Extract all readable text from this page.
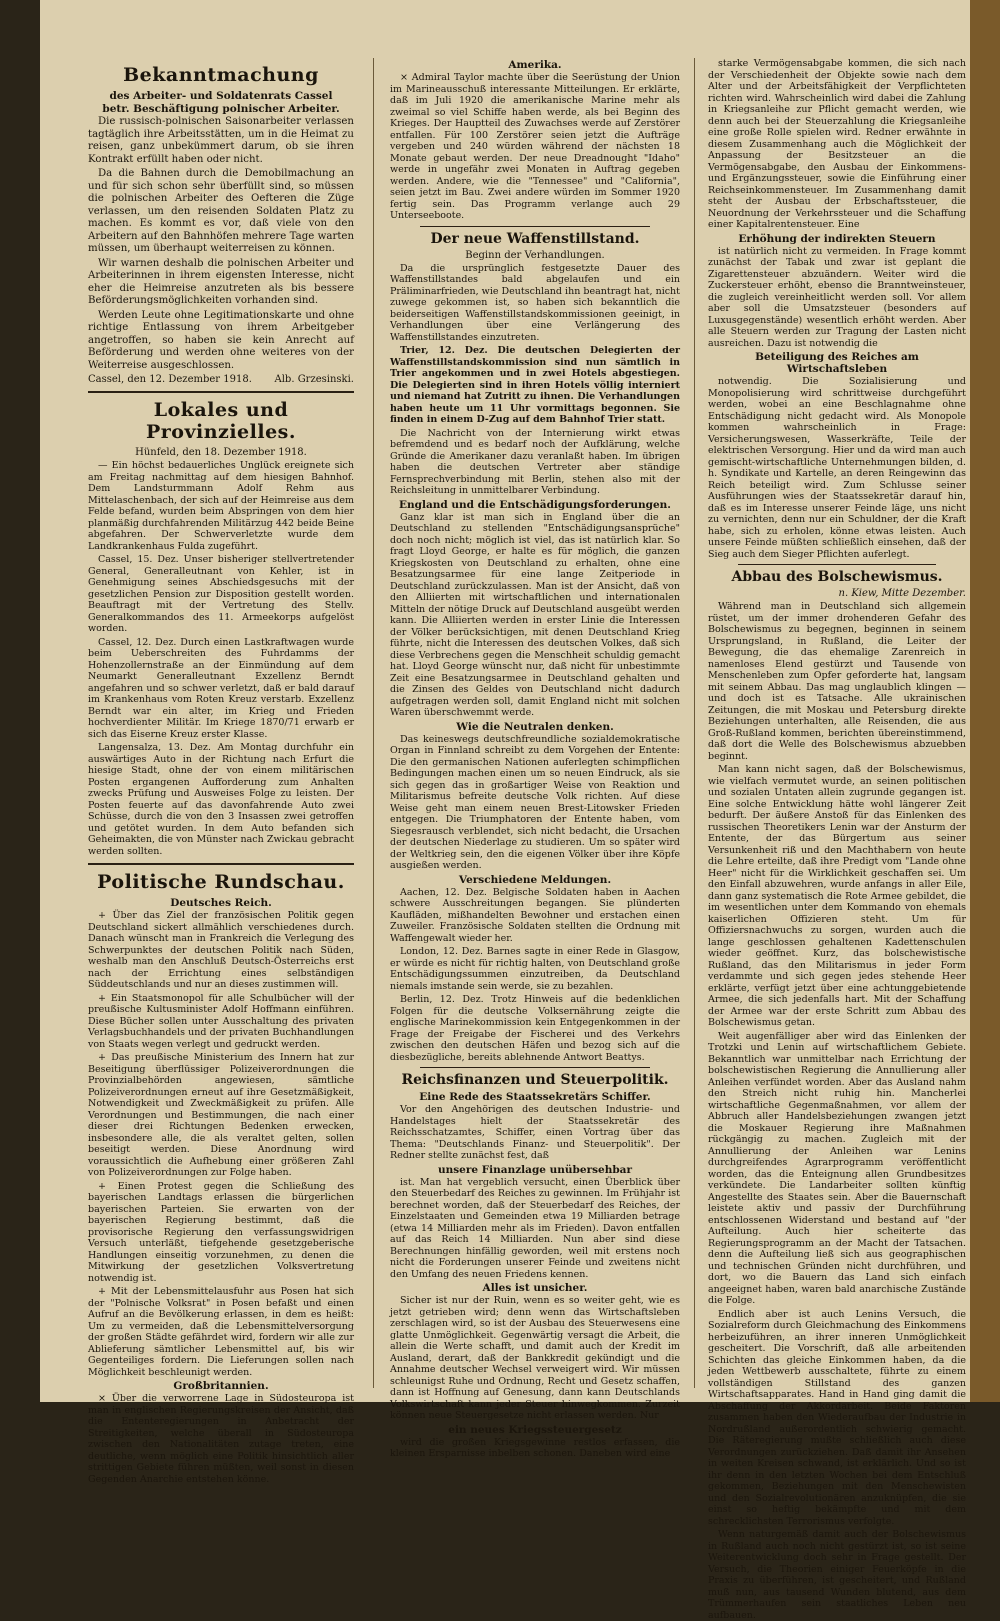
Bekanntmachung
des Arbeiter- und Soldatenrats Cassel
betr. Beschäftigung polnischer Arbeiter.

Die russisch-polnischen Saisonarbeiter verlassen tagtäglich ihre Arbeitsstätten, um in die Heimat zu reisen, ganz unbekümmert darum, ob sie ihren Kontrakt erfüllt haben oder nicht.

Da die Bahnen durch die Demobilmachung an und für sich schon sehr überfüllt sind, so müssen die polnischen Arbeiter des Oefteren die Züge verlassen, um den reisenden Soldaten Platz zu machen. Es kommt es vor, daß viele von den Arbeitern auf den Bahnhöfen mehrere Tage warten müssen, um überhaupt weiterreisen zu können.

Wir warnen deshalb die polnischen Arbeiter und Arbeiterinnen in ihrem eigensten Interesse, nicht eher die Heimreise anzutreten als bis bessere Beförderungsmöglichkeiten vorhanden sind.

Werden Leute ohne Legitimationskarte und ohne richtige Entlassung von ihrem Arbeitgeber angetroffen, so haben sie kein Anrecht auf Beförderung und werden ohne weiteres von der Weiterreise ausgeschlossen.

Cassel, den 12. Dezember 1918. Alb. Grzesinski.
Lokales und Provinzielles.
Hünfeld, den 18. Dezember 1918.

— Ein höchst bedauerliches Unglück ereignete sich am Freitag nachmittag auf dem hiesigen Bahnhof. Dem Landsturmmann Adolf Rehm aus Mittelaschenbach, der sich auf der Heimreise aus dem Felde befand, wurden beim Abspringen von dem hier planmäßig durchfahrenden Militärzug 442 beide Beine abgefahren. Der Schwerverletzte wurde dem Landkrankenhaus Fulda zugeführt.

Cassel, 15. Dez. Unser bisheriger stellvertretender General, Generalleutnant von Kehler, ist in Genehmigung seines Abschiedsgesuchs mit der gesetzlichen Pension zur Disposition gestellt worden. Beauftragt mit der Vertretung des Stellv. Generalkommandos des 11. Armeekorps aufgelöst worden.

Cassel, 12. Dez. Durch einen Lastkraftwagen wurde beim Ueberschreiten des Fuhrdamms der Hohenzollernstraße an der Einmündung auf dem Neumarkt Generalleutnant Exzellenz Berndt angefahren und so schwer verletzt, daß er bald darauf im Krankenhaus vom Roten Kreuz verstarb. Exzellenz Berndt war ein alter, im Krieg und Frieden hochverdienter Militär. Im Kriege 1870/71 erwarb er sich das Eiserne Kreuz erster Klasse.

Langensalza, 13. Dez. Am Montag durchfuhr ein auswärtiges Auto in der Richtung nach Erfurt die hiesige Stadt, ohne der von einem militärischen Posten ergangenen Aufforderung zum Anhalten zwecks Prüfung und Ausweises Folge zu leisten. Der Posten feuerte auf das davonfahrende Auto zwei Schüsse, durch die von den 3 Insassen zwei getroffen und getötet wurden. In dem Auto befanden sich Geheimakten, die von Münster nach Zwickau gebracht werden sollten.

Politische Rundschau.
Deutsches Reich.

+ Über das Ziel der französischen Politik gegen Deutschland sickert allmählich verschiedenes durch. Danach wünscht man in Frankreich die Verlegung des Schwerpunktes der deutschen Politik nach Süden, weshalb man den Anschluß Deutsch-Österreichs erst nach der Errichtung eines selbständigen Süddeutschlands und nur an dieses zustimmen will.

+ Ein Staatsmonopol für alle Schulbücher will der preußische Kultusminister Adolf Hoffmann einführen. Diese Bücher sollen unter Ausschaltung des privaten Verlagsbuchhandels und der privaten Buchhandlungen von Staats wegen verlegt und gedruckt werden.

+ Das preußische Ministerium des Innern hat zur Beseitigung überflüssiger Polizeiverordnungen die Provinzialbehörden angewiesen, sämtliche Polizeiverordnungen erneut auf ihre Gesetzmäßigkeit, Notwendigkeit und Zweckmäßigkeit zu prüfen. Alle Verordnungen und Bestimmungen, die nach einer dieser drei Richtungen Bedenken erwecken, insbesondere alle, die als veraltet gelten, sollen beseitigt werden. Diese Anordnung wird voraussichtlich die Aufhebung einer größeren Zahl von Polizeiverordnungen zur Folge haben.

+ Einen Protest gegen die Schließung des bayerischen Landtags erlassen die bürgerlichen bayerischen Parteien. Sie erwarten von der bayerischen Regierung bestimmt, daß die provisorische Regierung den verfassungswidrigen Versuch unterläßt, tiefgehende gesetzgeberische Handlungen einseitig vorzunehmen, zu denen die Mitwirkung der gesetzlichen Volksvertretung notwendig ist.

+ Mit der Lebensmittelausfuhr aus Posen hat sich der "Polnische Volksrat" in Posen befaßt und einen Aufruf an die Bevölkerung erlassen, in dem es heißt: Um zu vermeiden, daß die Lebensmittelversorgung der großen Städte gefährdet wird, fordern wir alle zur Ablieferung sämtlicher Lebensmittel auf, bis wir Gegenteiliges fordern. Die Lieferungen sollen nach Möglichkeit beschleunigt werden.

Großbritannien.

× Über die verworrene Lage in Südosteuropa ist man in englischen Regierungskreisen der Ansicht, daß die Ententeregierungen in Anbetracht der Streitigkeiten, welche überall in Südosteuropa zwischen den Nationalitäten zutage treten, eine deutliche, wenn möglich eine Politik hinsichtlich aller strittigen Gebiete führen müßten, weil sonst in diesen Gegenden Anarchie entstehen könne.

Amerika.

× Admiral Taylor machte über die Seerüstung der Union im Marineausschuß interessante Mitteilungen. Er erklärte, daß im Juli 1920 die amerikanische Marine mehr als zweimal so viel Schiffe haben werde, als bei Beginn des Krieges. Der Hauptteil des Zuwachses werde auf Zerstörer entfallen. Für 100 Zerstörer seien jetzt die Aufträge vergeben und 240 würden während der nächsten 18 Monate gebaut werden. Der neue Dreadnought "Idaho" werde in ungefähr zwei Monaten in Auftrag gegeben werden. Andere, wie die "Tennessee" und "California", seien jetzt im Bau. Zwei andere würden im Sommer 1920 fertig sein. Das Programm verlange auch 29 Unterseeboote.

Der neue Waffenstillstand.
Beginn der Verhandlungen.

Da die ursprünglich festgesetzte Dauer des Waffenstillstandes bald abgelaufen und ein Präliminarfrieden, wie Deutschland ihn beantragt hat, nicht zuwege gekommen ist, so haben sich bekanntlich die beiderseitigen Waffenstillstandskommissionen geeinigt, in Verhandlungen über eine Verlängerung des Waffenstillstandes einzutreten.

Trier, 12. Dez. Die deutschen Delegierten der Waffenstillstandskommission sind nun sämtlich in Trier angekommen und in zwei Hotels abgestiegen. Die Delegierten sind in ihren Hotels völlig interniert und niemand hat Zutritt zu ihnen. Die Verhandlungen haben heute um 11 Uhr vormittags begonnen. Sie finden in einem D-Zug auf dem Bahnhof Trier statt.

Die Nachricht von der Internierung wirkt etwas befremdend und es bedarf noch der Aufklärung, welche Gründe die Amerikaner dazu veranlaßt haben. Im übrigen haben die deutschen Vertreter aber ständige Fernsprechverbindung mit Berlin, stehen also mit der Reichsleitung in unmittelbarer Verbindung.

England und die Entschädigungsforderungen.

Ganz klar ist man sich in England über die an Deutschland zu stellenden "Entschädigungsansprüche" doch noch nicht; möglich ist viel, das ist natürlich klar. So fragt Lloyd George, er halte es für möglich, die ganzen Kriegskosten von Deutschland zu erhalten, ohne eine Besatzungsarmee für eine lange Zeitperiode in Deutschland zurückzulassen. Man ist der Ansicht, daß von den Alliierten mit wirtschaftlichen und internationalen Mitteln der nötige Druck auf Deutschland ausgeübt werden kann. Die Alliierten werden in erster Linie die Interessen der Völker berücksichtigen, mit denen Deutschland Krieg führte, nicht die Interessen des deutschen Volkes, daß sich diese Verbrechens gegen die Menschheit schuldig gemacht hat. Lloyd George wünscht nur, daß nicht für unbestimmte Zeit eine Besatzungsarmee in Deutschland gehalten und die Zinsen des Geldes von Deutschland nicht dadurch aufgetragen werden soll, damit England nicht mit solchen Waren überschwemmt werde.

Wie die Neutralen denken.

Das keineswegs deutschfreundliche sozialdemokratische Organ in Finnland schreibt zu dem Vorgehen der Entente: Die den germanischen Nationen auferlegten schimpflichen Bedingungen machen einen um so neuen Eindruck, als sie sich gegen das in großartiger Weise von Reaktion und Militarismus befreite deutsche Volk richten. Auf diese Weise geht man einem neuen Brest-Litowsker Frieden entgegen. Die Triumphatoren der Entente haben, vom Siegesrausch verblendet, sich nicht bedacht, die Ursachen der deutschen Niederlage zu studieren. Um so später wird der Weltkrieg sein, den die eigenen Völker über ihre Köpfe ausgießen werden.

Verschiedene Meldungen.

Aachen, 12. Dez. Belgische Soldaten haben in Aachen schwere Ausschreitungen begangen. Sie plünderten Kaufläden, mißhandelten Bewohner und erstachen einen Zuweiler. Französische Soldaten stellten die Ordnung mit Waffengewalt wieder her.

London, 12. Dez. Barnes sagte in einer Rede in Glasgow, er würde es nicht für richtig halten, von Deutschland große Entschädigungssummen einzutreiben, da Deutschland niemals imstande sein werde, sie zu bezahlen.

Berlin, 12. Dez. Trotz Hinweis auf die bedenklichen Folgen für die deutsche Volksernährung zeigte die englische Marinekommission kein Entgegenkommen in der Frage der Freigabe der Fischerei und des Verkehrs zwischen den deutschen Häfen und bezog sich auf die diesbezügliche, bereits ablehnende Antwort Beattys.

Reichsfinanzen und Steuerpolitik.
Eine Rede des Staatssekretärs Schiffer.

Vor den Angehörigen des deutschen Industrie- und Handelstages hielt der Staatssekretär des Reichsschatzamtes, Schiffer, einen Vortrag über das Thema: "Deutschlands Finanz- und Steuerpolitik". Der Redner stellte zunächst fest, daß

unsere Finanzlage unübersehbar

ist. Man hat vergeblich versucht, einen Überblick über den Steuerbedarf des Reiches zu gewinnen. Im Frühjahr ist berechnet worden, daß der Steuerbedarf des Reiches, der Einzelstaaten und Gemeinden etwa 19 Milliarden betrage (etwa 14 Milliarden mehr als im Frieden). Davon entfallen auf das Reich 14 Milliarden. Nun aber sind diese Berechnungen hinfällig geworden, weil mit erstens noch nicht die Forderungen unserer Feinde und zweitens nicht den Umfang des neuen Friedens kennen.

Alles ist unsicher.

Sicher ist nur der Ruin, wenn es so weiter geht, wie es jetzt getrieben wird; denn wenn das Wirtschaftsleben zerschlagen wird, so ist der Ausbau des Steuerwesens eine glatte Unmöglichkeit. Gegenwärtig versagt die Arbeit, die allein die Werte schafft, und damit auch der Kredit im Ausland, derart, daß der Bankkredit gekündigt und die Annahme deutscher Wechsel verweigert wird. Wir müssen schleunigst Ruhe und Ordnung, Recht und Gesetz schaffen, dann ist Hoffnung auf Genesung, dann kann Deutschlands Volkswirtschaft kann jeder Steuer hinwegkommen. Zurzeit können neue Steuergesetze nicht erlassen werden. Nur

ein neues Kriegssteuergesetz

wird die großen Kriegsgewinne restlos erfassen, die kleinen Ersparnisse inbelben schonen. Daneben wird eine

starke Vermögensabgabe kommen, die sich nach der Verschiedenheit der Objekte sowie nach dem Alter und der Arbeitsfähigkeit der Verpflichteten richten wird. Wahrscheinlich wird dabei die Zahlung in Kriegsanleihe zur Pflicht gemacht werden, wie denn auch bei der Steuerzahlung die Kriegsanleihe eine große Rolle spielen wird. Redner erwähnte in diesem Zusammenhang auch die Möglichkeit der Anpassung der Besitzsteuer an die Vermögensabgabe, den Ausbau der Einkommens- und Ergänzungssteuer, sowie die Einführung einer Reichseinkommensteuer. Im Zusammenhang damit steht der Ausbau der Erbschaftssteuer, die Neuordnung der Verkehrssteuer und die Schaffung einer Kapitalrentensteuer. Eine

Erhöhung der indirekten Steuern

ist natürlich nicht zu vermeiden. In Frage kommt zunächst der Tabak und zwar ist geplant die Zigarettensteuer abzuändern. Weiter wird die Zuckersteuer erhöht, ebenso die Branntweinsteuer, die zugleich vereinheitlicht werden soll. Vor allem aber soll die Umsatzsteuer (besonders auf Luxusgegenstände) wesentlich erhöht werden. Aber alle Steuern werden zur Tragung der Lasten nicht ausreichen. Dazu ist notwendig die

Beteiligung des Reiches am Wirtschaftsleben

notwendig. Die Sozialisierung und Monopolisierung wird schrittweise durchgeführt werden, wobei an eine Beschlagnahme ohne Entschädigung nicht gedacht wird. Als Monopole kommen wahrscheinlich in Frage: Versicherungswesen, Wasserkräfte, Teile der elektrischen Versorgung. Hier und da wird man auch gemischt-wirtschaftliche Unternehmungen bilden, d. h. Syndikate und Kartelle, an deren Reingewinn das Reich beteiligt wird. Zum Schlusse seiner Ausführungen wies der Staatssekretär darauf hin, daß es im Interesse unserer Feinde läge, uns nicht zu vernichten, denn nur ein Schuldner, der die Kraft habe, sich zu erholen, könne etwas leisten. Auch unsere Feinde müßten schließlich einsehen, daß der Sieg auch dem Sieger Pflichten auferlegt.

Abbau des Bolschewismus.
n. Kiew, Mitte Dezember.

Während man in Deutschland sich allgemein rüstet, um der immer drohenderen Gefahr des Bolschewismus zu begegnen, beginnen in seinem Ursprungsland, in Rußland, die Leiter der Bewegung, die das ehemalige Zarenreich in namenloses Elend gestürzt und Tausende von Menschenleben zum Opfer geforderte hat, langsam mit seinem Abbau. Das mag unglaublich klingen — und doch ist es Tatsache. Alle ukrainischen Zeitungen, die mit Moskau und Petersburg direkte Beziehungen unterhalten, alle Reisenden, die aus Groß-Rußland kommen, berichten übereinstimmend, daß dort die Welle des Bolschewismus abzuebben beginnt.

Man kann nicht sagen, daß der Bolschewismus, wie vielfach vermutet wurde, an seinen politischen und sozialen Untaten allein zugrunde gegangen ist. Eine solche Entwicklung hätte wohl längerer Zeit bedurft. Der äußere Anstoß für das Einlenken des russischen Theoretikers Lenin war der Ansturm der Entente, der das Bürgertum aus seiner Versunkenheit riß und den Machthabern von heute die Lehre erteilte, daß ihre Predigt vom "Lande ohne Heer" nicht für die Wirklichkeit geschaffen sei. Um den Einfall abzuwehren, wurde anfangs in aller Eile, dann ganz systematisch die Rote Armee gebildet, die im wesentlichen unter dem Kommando von ehemals kaiserlichen Offizieren steht. Um für Offiziersnachwuchs zu sorgen, wurden auch die lange geschlossen gehaltenen Kadettenschulen wieder geöffnet. Kurz, das bolschewistische Rußland, das den Militarismus in jeder Form verdammte und sich gegen jedes stehende Heer erklärte, verfügt jetzt über eine achtunggebietende Armee, die sich jedenfalls hart. Mit der Schaffung der Armee war der erste Schritt zum Abbau des Bolschewismus getan.

Weit augenfälliger aber wird das Einlenken der Trotzki und Lenin auf wirtschaftlichem Gebiete. Bekanntlich war unmittelbar nach Errichtung der bolschewistischen Regierung die Annullierung aller Anleihen verfündet worden. Aber das Ausland nahm den Streich nicht ruhig hin. Mancherlei wirtschaftliche Gegenmaßnahmen, vor allem der Abbruch aller Handelsbeziehungen zwangen jetzt die Moskauer Regierung ihre Maßnahmen rückgängig zu machen. Zugleich mit der Annullierung der Anleihen war Lenins durchgreifendes Agrarprogramm veröffentlicht worden, das die Enteignung allen Grundbesitzes verkündete. Die Landarbeiter sollten künftig Angestellte des Staates sein. Aber die Bauernschaft leistete aktiv und passiv der Durchführung entschlossenen Widerstand und bestand auf "der Aufteilung. Auch hier scheiterte das Regierungsprogramm an der Macht der Tatsachen. denn die Aufteilung ließ sich aus geographischen und technischen Gründen nicht durchführen, und dort, wo die Bauern das Land sich einfach angeeignet haben, waren bald anarchische Zustände die Folge.

Endlich aber ist auch Lenins Versuch, die Sozialreform durch Gleichmachung des Einkommens herbeizuführen, an ihrer inneren Unmöglichkeit gescheitert. Die Vorschrift, daß alle arbeitenden Schichten das gleiche Einkommen haben, da die jeden Wettbewerb ausschaltete, führte zu einem vollständigen Stillstand des ganzen Wirtschaftsapparates. Hand in Hand ging damit die Abschaffung der Akkordarbeit. Beide Faktoren zusammen haben den Wiederaufbau der Industrie in Nordrußland außerordentlich schwierig gemacht. Die Räteregierung mußte schließlich auch diese Verordnungen zurückziehen. Daß damit ihr Ansehen in weiten Kreisen schwand, ist erklärlich. Und so ist ihr denn in den letzten Wochen bei dem Entschluß gekommen, Beziehungen mit den Menschewisten und den Sozialrevolutionären anzuknüpfen, die sie einst so heftig bekämpfte und mit dem schrecklichsten Terrorismus verfolgte.

Wenn naturgemäß damit auch der Bolschewismus in Rußland auch noch nicht gestürzt ist, so ist seine Weiterentwicklung doch sehr in Frage gestellt. Der Versuch, die Theorien einiger Feuerköpfe in die Praxis zu überführen, ist gescheitert, und Rußland muß nun, aus tausend Wunden blutend, aus dem Trümmerhaufen sein staatliches Leben neu aufbauen.
